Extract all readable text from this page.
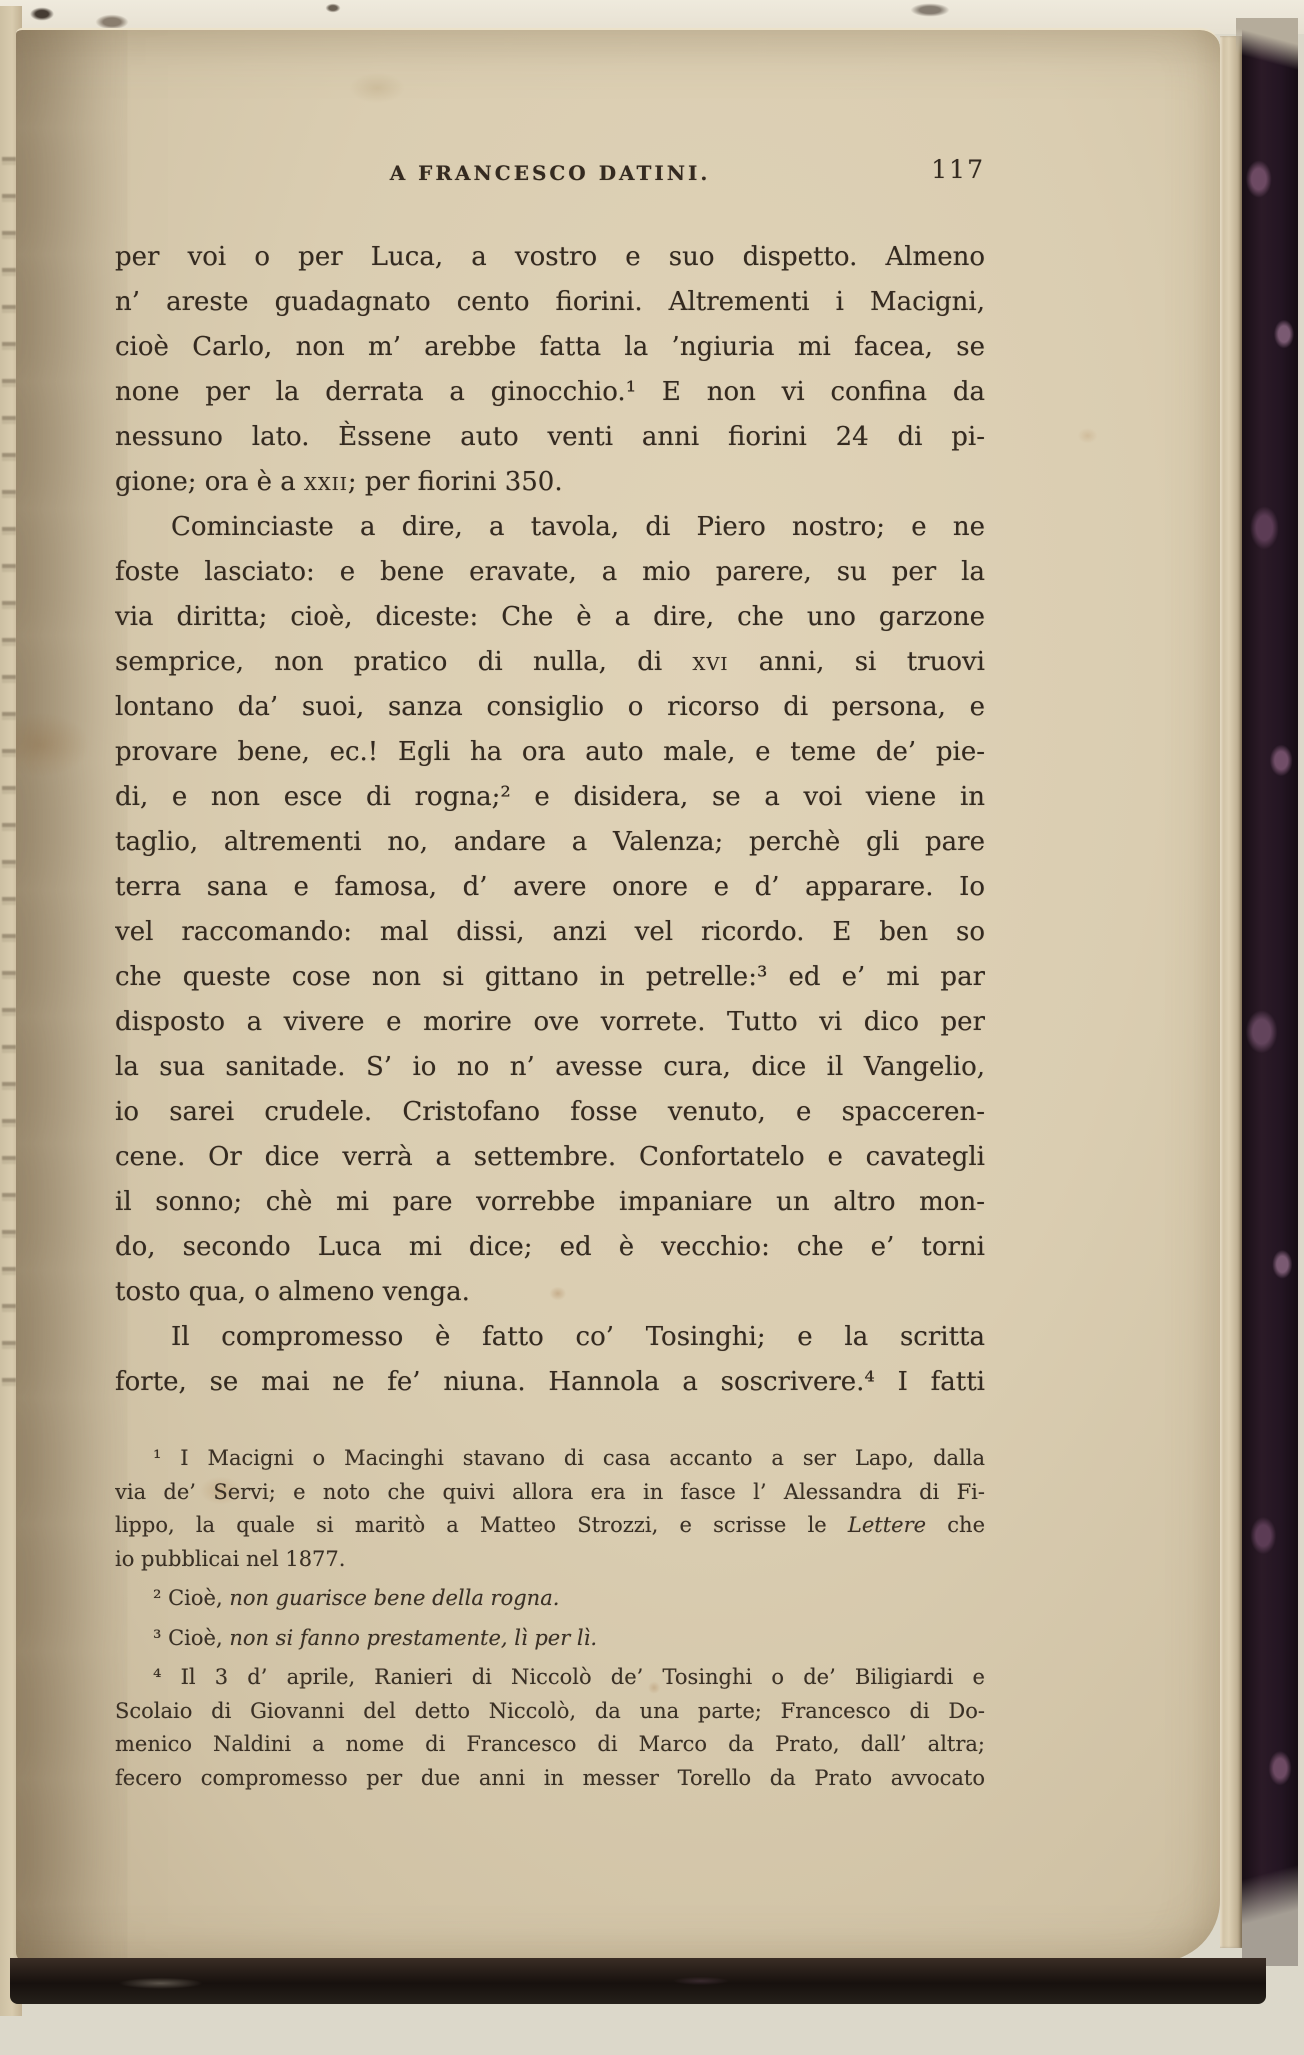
A FRANCESCO DATINI.	117
per voi o per Luca, a vostro e suo dispetto. Almeno
n’ areste guadagnato cento fiorini. Altrementi i Macigni,
cioè Carlo, non m’ arebbe fatta la ’ngiuria mi facea, se
none per la derrata a ginocchio.¹ E non vi confina da
nessuno lato. Èssene auto venti anni fiorini 24 di pi-
gione; ora è a xxii; per fiorini 350.
Cominciaste a dire, a tavola, di Piero nostro; e ne
foste lasciato: e bene eravate, a mio parere, su per la
via diritta; cioè, diceste: Che è a dire, che uno garzone
semprice, non pratico di nulla, di xvi anni, si truovi
lontano da’ suoi, sanza consiglio o ricorso di persona, e
provare bene, ec.! Egli ha ora auto male, e teme de’ pie-
di, e non esce di rogna;² e disidera, se a voi viene in
taglio, altrementi no, andare a Valenza; perchè gli pare
terra sana e famosa, d’ avere onore e d’ apparare. Io
vel raccomando: mal dissi, anzi vel ricordo. E ben so
che queste cose non si gittano in petrelle:³ ed e’ mi par
disposto a vivere e morire ove vorrete. Tutto vi dico per
la sua sanitade. S’ io no n’ avesse cura, dice il Vangelio,
io sarei crudele. Cristofano fosse venuto, e spacceren-
cene. Or dice verrà a settembre. Confortatelo e cavategli
il sonno; chè mi pare vorrebbe impaniare un altro mon-
do, secondo Luca mi dice; ed è vecchio: che e’ torni
tosto qua, o almeno venga.
Il compromesso è fatto co’ Tosinghi; e la scritta
forte, se mai ne fe’ niuna. Hannola a soscrivere.⁴ I fatti
¹ I Macigni o Macinghi stavano di casa accanto a ser Lapo, dalla
via de’ Servi; e noto che quivi allora era in fasce l’ Alessandra di Fi-
lippo, la quale si maritò a Matteo Strozzi, e scrisse le Lettere che
io pubblicai nel 1877.
² Cioè, non guarisce bene della rogna.
³ Cioè, non si fanno prestamente, lì per lì.
⁴ Il 3 d’ aprile, Ranieri di Niccolò de’ Tosinghi o de’ Biligiardi e
Scolaio di Giovanni del detto Niccolò, da una parte; Francesco di Do-
menico Naldini a nome di Francesco di Marco da Prato, dall’ altra;
fecero compromesso per due anni in messer Torello da Prato avvocato
